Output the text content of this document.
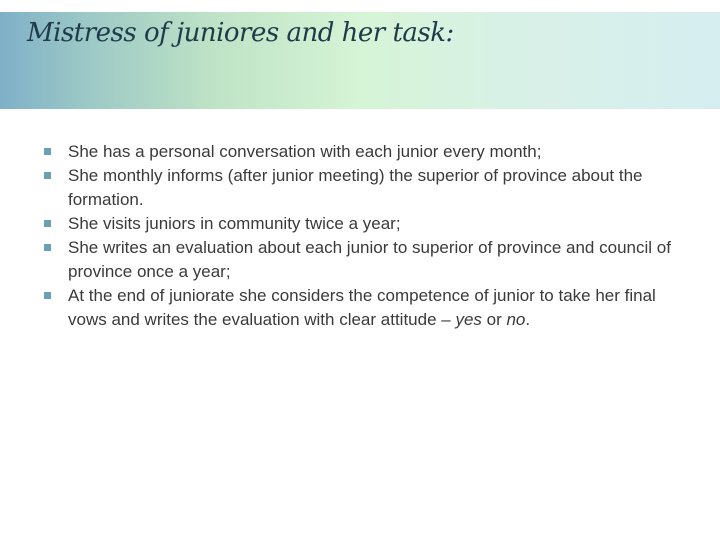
Mistress of juniores and her task:
She has a personal conversation with each junior every month;
She monthly informs (after junior meeting) the superior of province about the formation.
She visits juniors in community twice a year;
She writes an evaluation about each junior to superior of province and council of province once a year;
At the end of juniorate she considers the competence of junior to take her final vows and writes the evaluation with clear attitude – yes or no.
